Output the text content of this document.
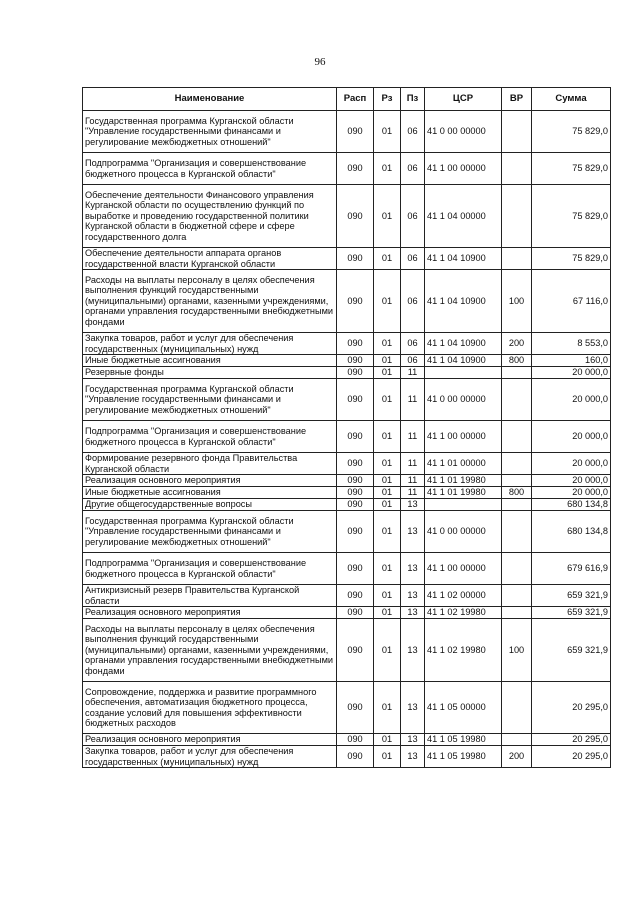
96
Наименование	Расп	Рз	Пз	ЦСР	ВР	Сумма
Государственная программа Курганской области "Управление государственными финансами и регулирование межбюджетных отношений"	090	01	06	41 0 00 00000		75 829,0
Подпрограмма "Организация и совершенствование бюджетного процесса в Курганской области"	090	01	06	41 1 00 00000		75 829,0
Обеспечение деятельности Финансового управления Курганской области по осуществлению функций по выработке и проведению государственной политики Курганской области в бюджетной сфере и сфере государственного долга	090	01	06	41 1 04 00000		75 829,0
Обеспечение деятельности аппарата органов государственной власти Курганской области	090	01	06	41 1 04 10900		75 829,0
Расходы на выплаты персоналу в целях обеспечения выполнения функций государственными (муниципальными) органами, казенными учреждениями, органами управления государственными внебюджетными фондами	090	01	06	41 1 04 10900	100	67 116,0
Закупка товаров, работ и услуг для обеспечения государственных (муниципальных) нужд	090	01	06	41 1 04 10900	200	8 553,0
Иные бюджетные ассигнования	090	01	06	41 1 04 10900	800	160,0
Резервные фонды	090	01	11			20 000,0
Государственная программа Курганской области "Управление государственными финансами и регулирование межбюджетных отношений"	090	01	11	41 0 00 00000		20 000,0
Подпрограмма "Организация и совершенствование бюджетного процесса в Курганской области"	090	01	11	41 1 00 00000		20 000,0
Формирование резервного фонда Правительства Курганской области	090	01	11	41 1 01 00000		20 000,0
Реализация основного мероприятия	090	01	11	41 1 01 19980		20 000,0
Иные бюджетные ассигнования	090	01	11	41 1 01 19980	800	20 000,0
Другие общегосударственные вопросы	090	01	13			680 134,8
Государственная программа Курганской области "Управление государственными финансами и регулирование межбюджетных отношений"	090	01	13	41 0 00 00000		680 134,8
Подпрограмма "Организация и совершенствование бюджетного процесса в Курганской области"	090	01	13	41 1 00 00000		679 616,9
Антикризисный резерв Правительства Курганской области	090	01	13	41 1 02 00000		659 321,9
Реализация основного мероприятия	090	01	13	41 1 02 19980		659 321,9
Расходы на выплаты персоналу в целях обеспечения выполнения функций государственными (муниципальными) органами, казенными учреждениями, органами управления государственными внебюджетными фондами	090	01	13	41 1 02 19980	100	659 321,9
Сопровождение, поддержка и развитие программного обеспечения, автоматизация бюджетного процесса, создание условий для повышения эффективности бюджетных расходов	090	01	13	41 1 05 00000		20 295,0
Реализация основного мероприятия	090	01	13	41 1 05 19980		20 295,0
Закупка товаров, работ и услуг для обеспечения государственных (муниципальных) нужд	090	01	13	41 1 05 19980	200	20 295,0
